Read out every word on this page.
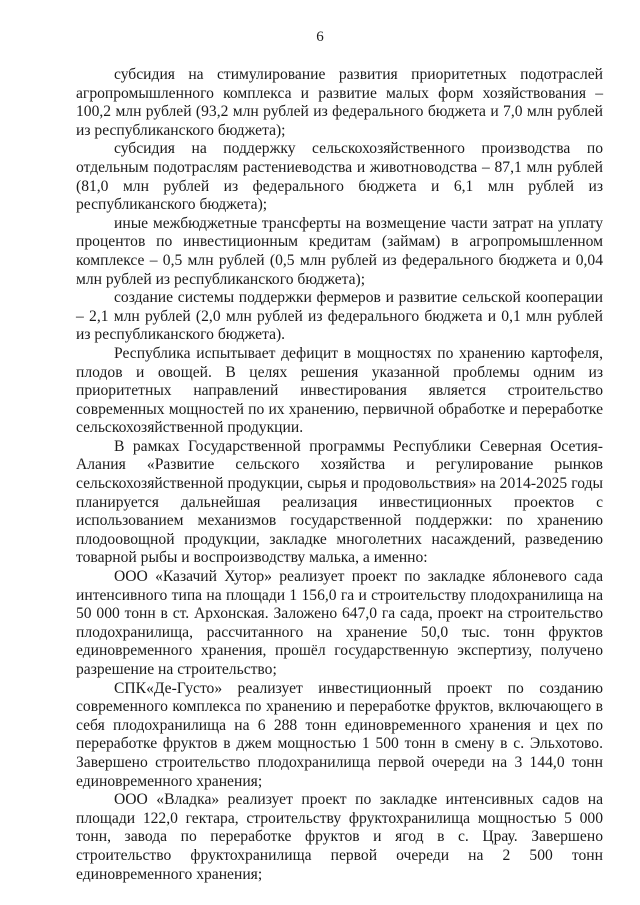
6

субсидия на стимулирование развития приоритетных подотраслей агропромышленного комплекса и развитие малых форм хозяйствования – 100,2 млн рублей (93,2 млн рублей из федерального бюджета и 7,0 млн рублей из республиканского бюджета);

субсидия на поддержку сельскохозяйственного производства по отдельным подотраслям растениеводства и животноводства – 87,1 млн рублей (81,0 млн рублей из федерального бюджета и 6,1 млн рублей из республиканского бюджета);

иные межбюджетные трансферты на возмещение части затрат на уплату процентов по инвестиционным кредитам (займам) в агропромышленном комплексе – 0,5 млн рублей (0,5 млн рублей из федерального бюджета и 0,04 млн рублей из республиканского бюджета);

создание системы поддержки фермеров и развитие сельской кооперации – 2,1 млн рублей (2,0 млн рублей из федерального бюджета и 0,1 млн рублей из республиканского бюджета).

Республика испытывает дефицит в мощностях по хранению картофеля, плодов и овощей. В целях решения указанной проблемы одним из приоритетных направлений инвестирования является строительство современных мощностей по их хранению, первичной обработке и переработке сельскохозяйственной продукции.

В рамках Государственной программы Республики Северная Осетия-Алания «Развитие сельского хозяйства и регулирование рынков сельскохозяйственной продукции, сырья и продовольствия» на 2014-2025 годы планируется дальнейшая реализация инвестиционных проектов с использованием механизмов государственной поддержки: по хранению плодоовощной продукции, закладке многолетних насаждений, разведению товарной рыбы и воспроизводству малька, а именно:

ООО «Казачий Хутор» реализует проект по закладке яблоневого сада интенсивного типа на площади 1 156,0 га и строительству плодохранилища на 50 000 тонн в ст. Архонская. Заложено 647,0 га сада, проект на строительство плодохранилища, рассчитанного на хранение 50,0 тыс. тонн фруктов единовременного хранения, прошёл государственную экспертизу, получено разрешение на строительство;

СПК«Де-Густо» реализует инвестиционный проект по созданию современного комплекса по хранению и переработке фруктов, включающего в себя плодохранилища на 6 288 тонн единовременного хранения и цех по переработке фруктов в джем мощностью 1 500 тонн в смену в с. Эльхотово. Завершено строительство плодохранилища первой очереди на 3 144,0 тонн единовременного хранения;

ООО «Владка» реализует проект по закладке интенсивных садов на площади 122,0 гектара, строительству фруктохранилища мощностью 5 000 тонн, завода по переработке фруктов и ягод в с. Црау. Завершено строительство фруктохранилища первой очереди на 2 500 тонн единовременного хранения;
